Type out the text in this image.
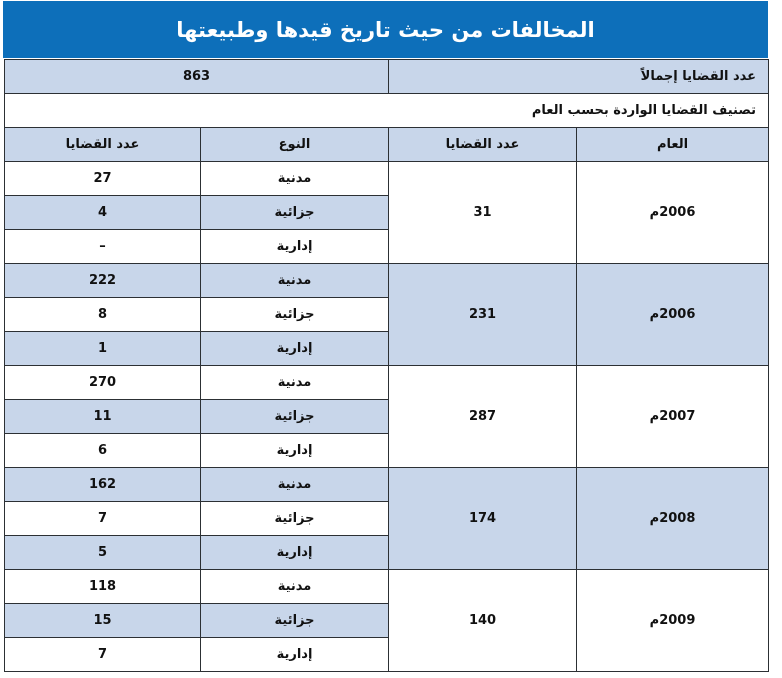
المخالفات من حيث تاريخ قيدها وطبيعتها
عدد القضايا إجمالاً		863	
تصنيف القضايا الواردة بحسب العام			
العام	عدد القضايا	النوع	عدد القضايا
2006م	31	مدنية	27
		جزائية	4
		إدارية	–
2006م	231	مدنية	222
		جزائية	8
		إدارية	1
2007م	287	مدنية	270
		جزائية	11
		إدارية	6
2008م	174	مدنية	162
		جزائية	7
		إدارية	5
2009م	140	مدنية	118
		جزائية	15
		إدارية	7
